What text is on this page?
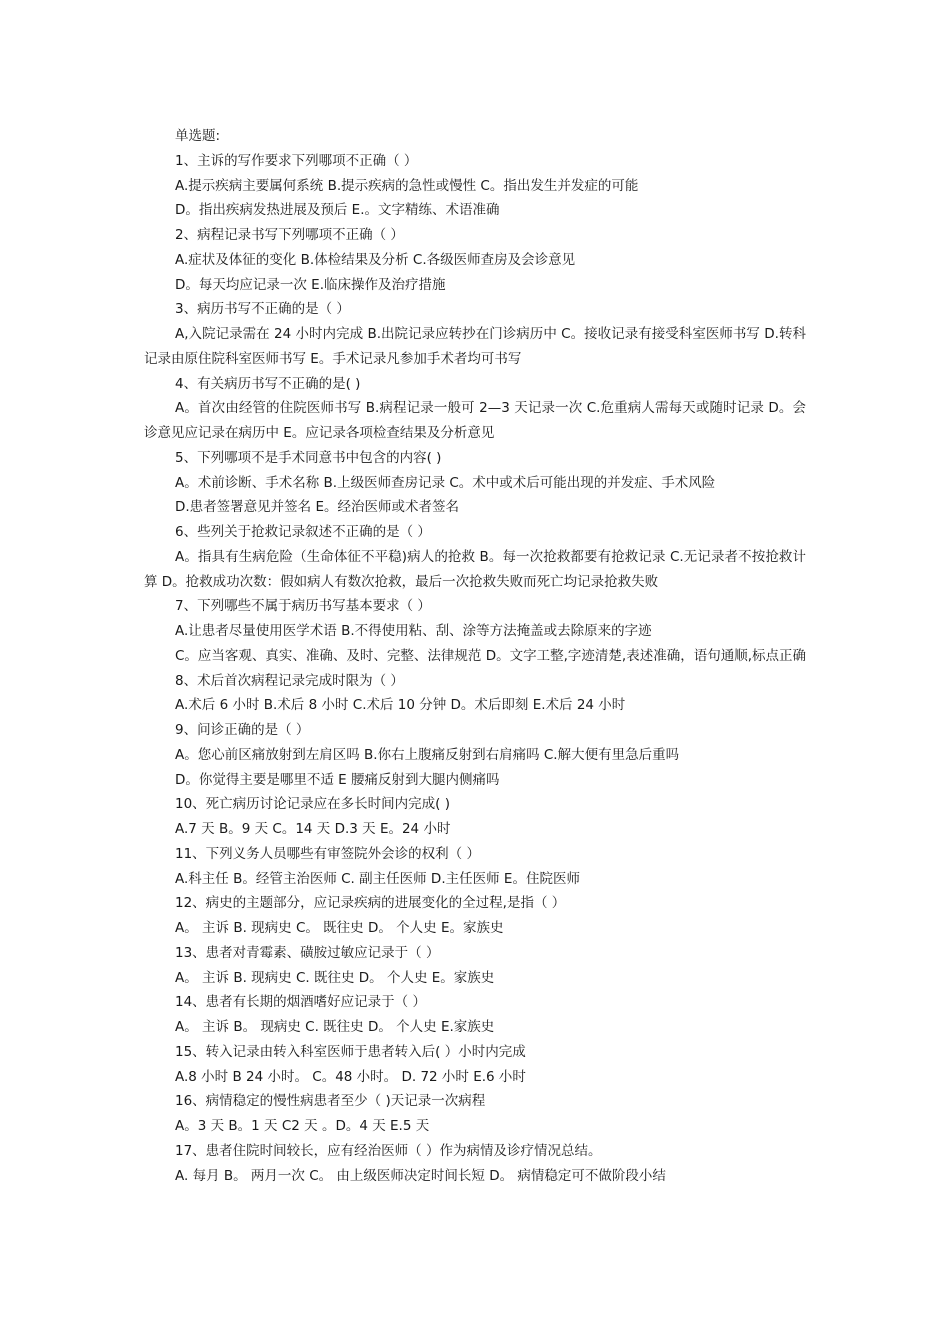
单选题:
1、主诉的写作要求下列哪项不正确（ ）
A.提示疾病主要属何系统 B.提示疾病的急性或慢性 C。指出发生并发症的可能
D。指出疾病发热进展及预后 E.。文字精练、术语准确
2、病程记录书写下列哪项不正确（ ）
A.症状及体征的变化 B.体检结果及分析 C.各级医师查房及会诊意见
D。每天均应记录一次 E.临床操作及治疗措施
3、病历书写不正确的是（ ）
A,入院记录需在 24 小时内完成 B.出院记录应转抄在门诊病历中 C。接收记录有接受科室医师书写 D.转科记录由原住院科室医师书写 E。手术记录凡参加手术者均可书写
4、有关病历书写不正确的是( )
A。首次由经管的住院医师书写 B.病程记录一般可 2—3 天记录一次 C.危重病人需每天或随时记录 D。会诊意见应记录在病历中 E。应记录各项检查结果及分析意见
5、下列哪项不是手术同意书中包含的内容( )
A。术前诊断、手术名称 B.上级医师查房记录 C。术中或术后可能出现的并发症、手术风险
D.患者签署意见并签名 E。经治医师或术者签名
6、些列关于抢救记录叙述不正确的是（ ）
A。指具有生病危险（生命体征不平稳)病人的抢救 B。每一次抢救都要有抢救记录 C.无记录者不按抢救计算 D。抢救成功次数：假如病人有数次抢救，最后一次抢救失败而死亡均记录抢救失败
7、下列哪些不属于病历书写基本要求（ ）
A.让患者尽量使用医学术语 B.不得使用粘、刮、涂等方法掩盖或去除原来的字迹
C。应当客观、真实、准确、及时、完整、法律规范 D。文字工整,字迹清楚,表述准确，语句通顺,标点正确
8、术后首次病程记录完成时限为（ ）
A.术后 6 小时 B.术后 8 小时 C.术后 10 分钟 D。术后即刻 E.术后 24 小时
9、问诊正确的是（ ）
A。您心前区痛放射到左肩区吗 B.你右上腹痛反射到右肩痛吗 C.解大便有里急后重吗
D。你觉得主要是哪里不适 E 腰痛反射到大腿内侧痛吗
10、死亡病历讨论记录应在多长时间内完成( )
A.7 天 B。9 天 C。14 天 D.3 天 E。24 小时
11、下列义务人员哪些有审签院外会诊的权利（ ）
A.科主任 B。经管主治医师 C. 副主任医师 D.主任医师 E。住院医师
12、病史的主题部分，应记录疾病的进展变化的全过程,是指（ ）
A。 主诉 B. 现病史 C。 既往史 D。 个人史 E。家族史
13、患者对青霉素、磺胺过敏应记录于（ ）
A。 主诉 B. 现病史 C. 既往史 D。 个人史 E。家族史
14、患者有长期的烟酒嗜好应记录于（ ）
A。 主诉 B。 现病史 C. 既往史 D。 个人史 E.家族史
15、转入记录由转入科室医师于患者转入后( ）小时内完成
A.8 小时 B 24 小时。 C。48 小时。 D. 72 小时 E.6 小时
16、病情稳定的慢性病患者至少（ )天记录一次病程
A。3 天 B。1 天 C2 天 。D。4 天 E.5 天
17、患者住院时间较长，应有经治医师（ ）作为病情及诊疗情况总结。
A. 每月 B。 两月一次 C。 由上级医师决定时间长短 D。 病情稳定可不做阶段小结
